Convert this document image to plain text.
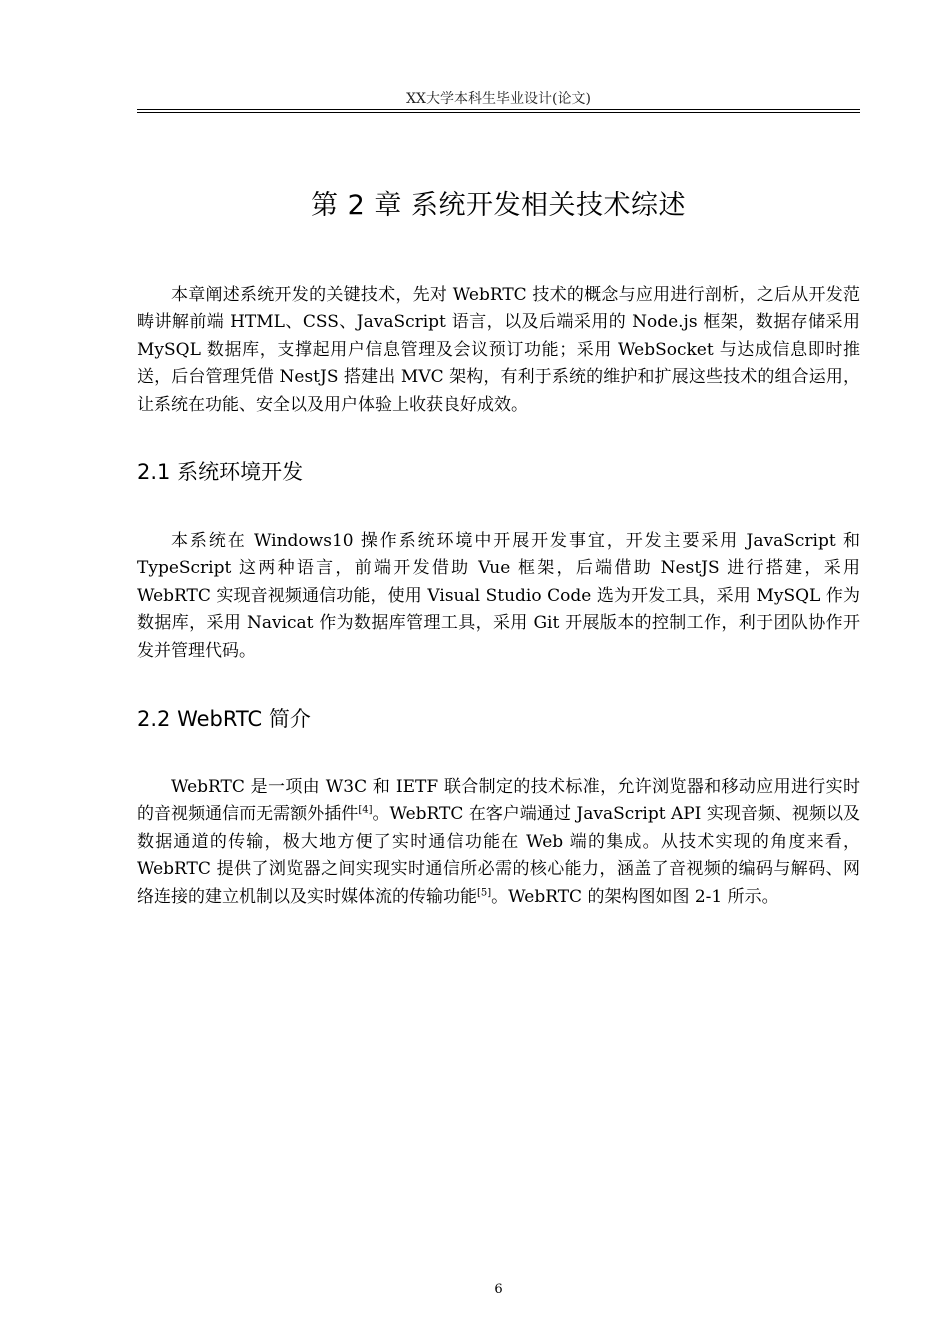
XX大学本科生毕业设计(论文)
第 2 章 系统开发相关技术综述

本章阐述系统开发的关键技术，先对 WebRTC 技术的概念与应用进行剖析，之后从开发范畴讲解前端 HTML、CSS、JavaScript 语言，以及后端采用的 Node.js 框架，数据存储采用 MySQL 数据库，支撑起用户信息管理及会议预订功能；采用 WebSocket 与达成信息即时推送，后台管理凭借 NestJS 搭建出 MVC 架构，有利于系统的维护和扩展这些技术的组合运用，让系统在功能、安全以及用户体验上收获良好成效。

2.1 系统环境开发

本系统在 Windows10 操作系统环境中开展开发事宜，开发主要采用 JavaScript 和 TypeScript 这两种语言，前端开发借助 Vue 框架，后端借助 NestJS 进行搭建，采用 WebRTC 实现音视频通信功能，使用 Visual Studio Code 选为开发工具，采用 MySQL 作为数据库，采用 Navicat 作为数据库管理工具，采用 Git 开展版本的控制工作，利于团队协作开发并管理代码。

2.2 WebRTC 简介

WebRTC 是一项由 W3C 和 IETF 联合制定的技术标准，允许浏览器和移动应用进行实时的音视频通信而无需额外插件[4]。WebRTC 在客户端通过 JavaScript API 实现音频、视频以及数据通道的传输，极大地方便了实时通信功能在 Web 端的集成。从技术实现的角度来看，WebRTC 提供了浏览器之间实现实时通信所必需的核心能力，涵盖了音视频的编码与解码、网络连接的建立机制以及实时媒体流的传输功能[5]。WebRTC 的架构图如图 2-1 所示。

6
